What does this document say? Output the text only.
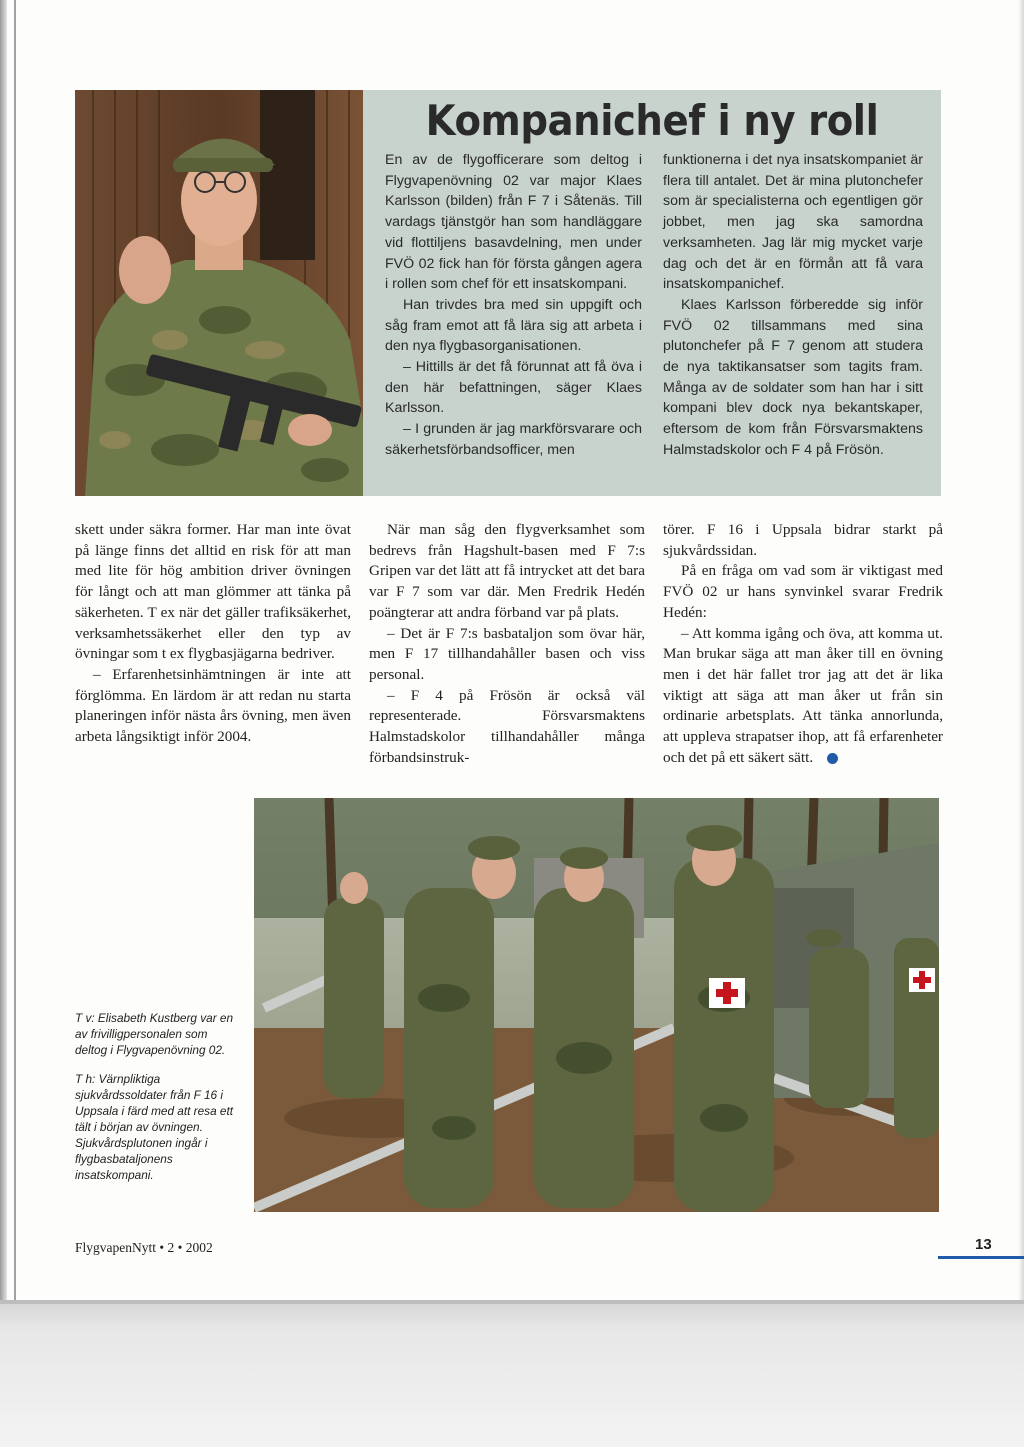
Kompanichef i ny roll

En av de flygofficerare som deltog i Flygvapenövning 02 var major Klaes Karlsson (bilden) från F 7 i Såtenäs. Till vardags tjänstgör han som handläggare vid flottiljens basavdelning, men under FVÖ 02 fick han för första gången agera i rollen som chef för ett insatskompani.

Han trivdes bra med sin uppgift och såg fram emot att få lära sig att arbeta i den nya flygbasorganisationen.

– Hittills är det få förunnat att få öva i den här befattningen, säger Klaes Karlsson.

– I grunden är jag markförsvarare och säkerhetsförbandsofficer, men

funktionerna i det nya insatskompaniet är flera till antalet. Det är mina plutonchefer som är specialisterna och egentligen gör jobbet, men jag ska samordna verksamheten. Jag lär mig mycket varje dag och det är en förmån att få vara insatskompanichef.

Klaes Karlsson förberedde sig inför FVÖ 02 tillsammans med sina plutonchefer på F 7 genom att studera de nya taktikansatser som tagits fram. Många av de soldater som han har i sitt kompani blev dock nya bekantskaper, eftersom de kom från Försvarsmaktens Halmstadskolor och F 4 på Frösön.

skett under säkra former. Har man inte övat på länge finns det alltid en risk för att man med lite för hög ambition driver övningen för långt och att man glömmer att tänka på säkerheten. T ex när det gäller trafiksäkerhet, verksamhetssäkerhet eller den typ av övningar som t ex flygbasjägarna bedriver.

– Erfarenhetsinhämtningen är inte att förglömma. En lärdom är att redan nu starta planeringen inför nästa års övning, men även arbeta långsiktigt inför 2004.

När man såg den flygverksamhet som bedrevs från Hagshult-basen med F 7:s Gripen var det lätt att få intrycket att det bara var F 7 som var där. Men Fredrik Hedén poängterar att andra förband var på plats.

– Det är F 7:s basbataljon som övar här, men F 17 tillhandahåller basen och viss personal.

– F 4 på Frösön är också väl representerade. Försvarsmaktens Halmstadskolor tillhandahåller många förbandsinstruk-

törer. F 16 i Uppsala bidrar starkt på sjukvårdssidan.

På en fråga om vad som är viktigast med FVÖ 02 ur hans synvinkel svarar Fredrik Hedén:

– Att komma igång och öva, att komma ut. Man brukar säga att man åker till en övning men i det här fallet tror jag att det är lika viktigt att säga att man åker ut från sin ordinarie arbetsplats. Att tänka annorlunda, att uppleva strapatser ihop, att få erfarenheter och det på ett säkert sätt.

T v: Elisabeth Kustberg var en av frivilligpersonalen som deltog i Flygvapenövning 02.

T h: Värnpliktiga sjukvårdssoldater från F 16 i Uppsala i färd med att resa ett tält i början av övningen. Sjukvårdsplutonen ingår i flygbasbataljonens insatskompani.

FlygvapenNytt • 2 • 2002	13
